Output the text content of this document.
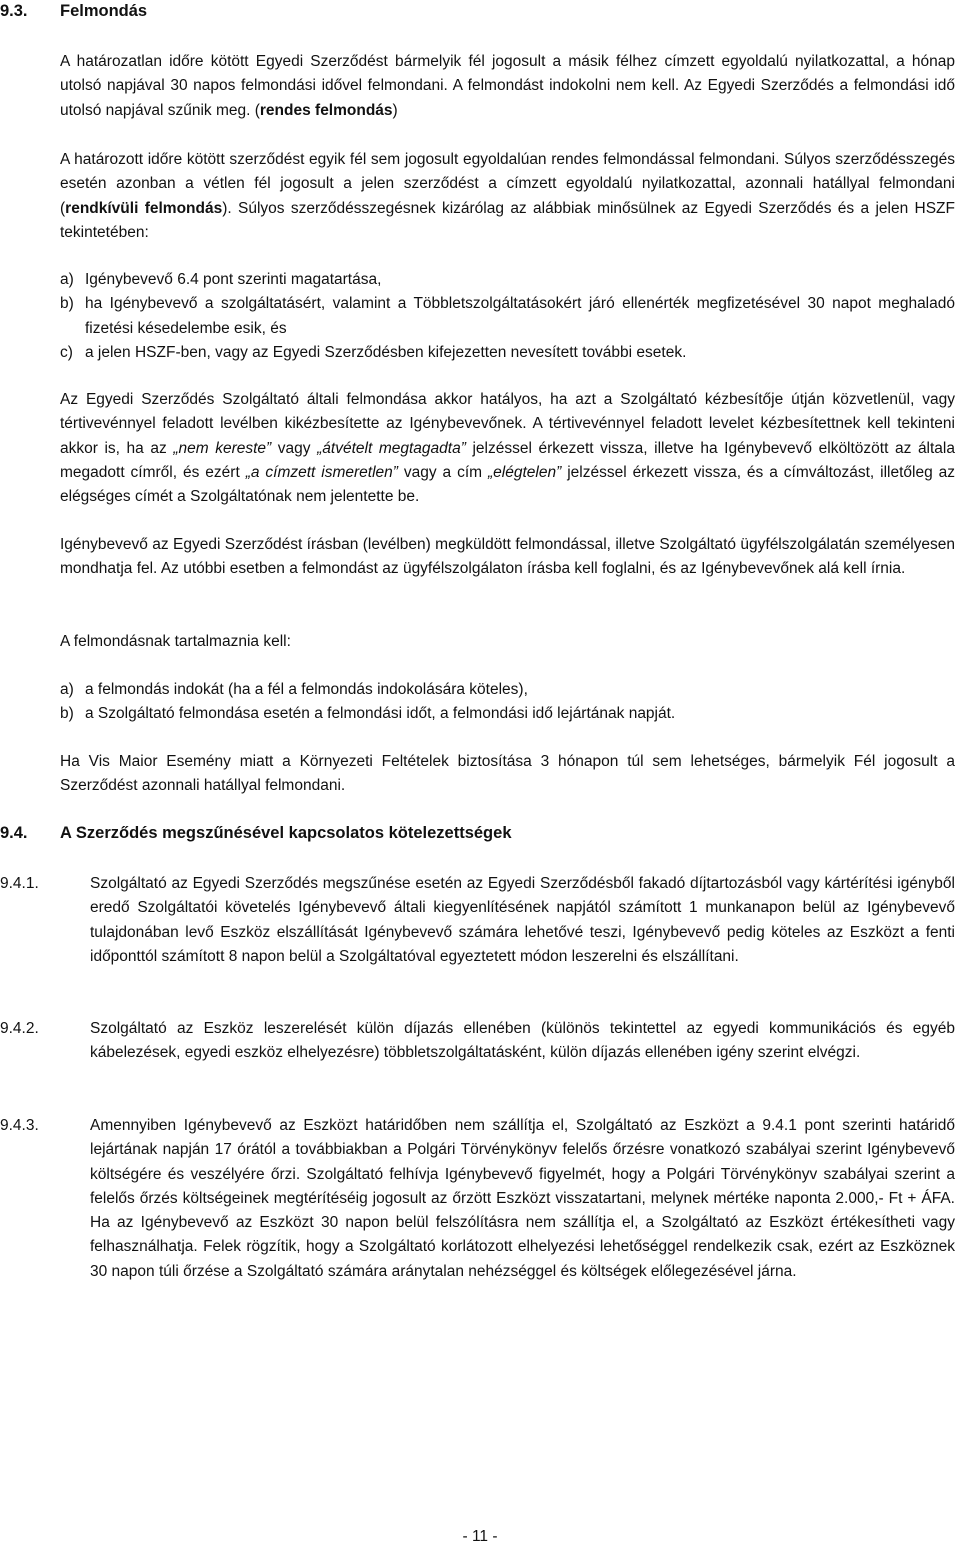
9.3.	Felmondás

A határozatlan időre kötött Egyedi Szerződést bármelyik fél jogosult a másik félhez címzett egyoldalú nyilatkozattal, a hónap utolsó napjával 30 napos felmondási idővel felmondani. A felmondást indokolni nem kell. Az Egyedi Szerződés a felmondási idő utolsó napjával szűnik meg. (rendes felmondás)

A határozott időre kötött szerződést egyik fél sem jogosult egyoldalúan rendes felmondással felmondani. Súlyos szerződésszegés esetén azonban a vétlen fél jogosult a jelen szerződést a címzett egyoldalú nyilatkozattal, azonnali hatállyal felmondani (rendkívüli felmondás). Súlyos szerződésszegésnek kizárólag az alábbiak minősülnek az Egyedi Szerződés és a jelen HSZF tekintetében:

a) Igénybevevő 6.4 pont szerinti magatartása,
b) ha Igénybevevő a szolgáltatásért, valamint a Többletszolgáltatásokért járó ellenérték megfizetésével 30 napot meghaladó fizetési késedelembe esik, és
c) a jelen HSZF-ben, vagy az Egyedi Szerződésben kifejezetten nevesített további esetek.

Az Egyedi Szerződés Szolgáltató általi felmondása akkor hatályos, ha azt a Szolgáltató kézbesítője útján közvetlenül, vagy tértivevénnyel feladott levélben kikézbesítette az Igénybevevőnek. A tértivevénnyel feladott levelet kézbesítettnek kell tekinteni akkor is, ha az „nem kereste” vagy „átvételt megtagadta” jelzéssel érkezett vissza, illetve ha Igénybevevő elköltözött az általa megadott címről, és ezért „a címzett ismeretlen” vagy a cím „elégtelen” jelzéssel érkezett vissza, és a címváltozást, illetőleg az elégséges címét a Szolgáltatónak nem jelentette be.

Igénybevevő az Egyedi Szerződést írásban (levélben) megküldött felmondással, illetve Szolgáltató ügyfélszolgálatán személyesen mondhatja fel. Az utóbbi esetben a felmondást az ügyfélszolgálaton írásba kell foglalni, és az Igénybevevőnek alá kell írnia.

A felmondásnak tartalmaznia kell:

a) a felmondás indokát (ha a fél a felmondás indokolására köteles),
b) a Szolgáltató felmondása esetén a felmondási időt, a felmondási idő lejártának napját.

Ha Vis Maior Esemény miatt a Környezeti Feltételek biztosítása 3 hónapon túl sem lehetséges, bármelyik Fél jogosult a Szerződést azonnali hatállyal felmondani.

9.4.	A Szerződés megszűnésével kapcsolatos kötelezettségek
9.4.1.	Szolgáltató az Egyedi Szerződés megszűnése esetén az Egyedi Szerződésből fakadó díjtartozásból vagy kártérítési igényből eredő Szolgáltatói követelés Igénybevevő általi kiegyenlítésének napjától számított 1 munkanapon belül az Igénybevevő tulajdonában levő Eszköz elszállítását Igénybevevő számára lehetővé teszi, Igénybevevő pedig köteles az Eszközt a fenti időponttól számított 8 napon belül a Szolgáltatóval egyeztetett módon leszerelni és elszállítani.
9.4.2.	Szolgáltató az Eszköz leszerelését külön díjazás ellenében (különös tekintettel az egyedi kommunikációs és egyéb kábelezések, egyedi eszköz elhelyezésre) többletszolgáltatásként, külön díjazás ellenében igény szerint elvégzi.
9.4.3.	Amennyiben Igénybevevő az Eszközt határidőben nem szállítja el, Szolgáltató az Eszközt a 9.4.1 pont szerinti határidő lejártának napján 17 órától a továbbiakban a Polgári Törvénykönyv felelős őrzésre vonatkozó szabályai szerint Igénybevevő költségére és veszélyére őrzi. Szolgáltató felhívja Igénybevevő figyelmét, hogy a Polgári Törvénykönyv szabályai szerint a felelős őrzés költségeinek megtérítéséig jogosult az őrzött Eszközt visszatartani, melynek mértéke naponta 2.000,- Ft + ÁFA. Ha az Igénybevevő az Eszközt 30 napon belül felszólításra nem szállítja el, a Szolgáltató az Eszközt értékesítheti vagy felhasználhatja. Felek rögzítik, hogy a Szolgáltató korlátozott elhelyezési lehetőséggel rendelkezik csak, ezért az Eszköznek 30 napon túli őrzése a Szolgáltató számára aránytalan nehézséggel és költségek előlegezésével járna.
- 11 -
